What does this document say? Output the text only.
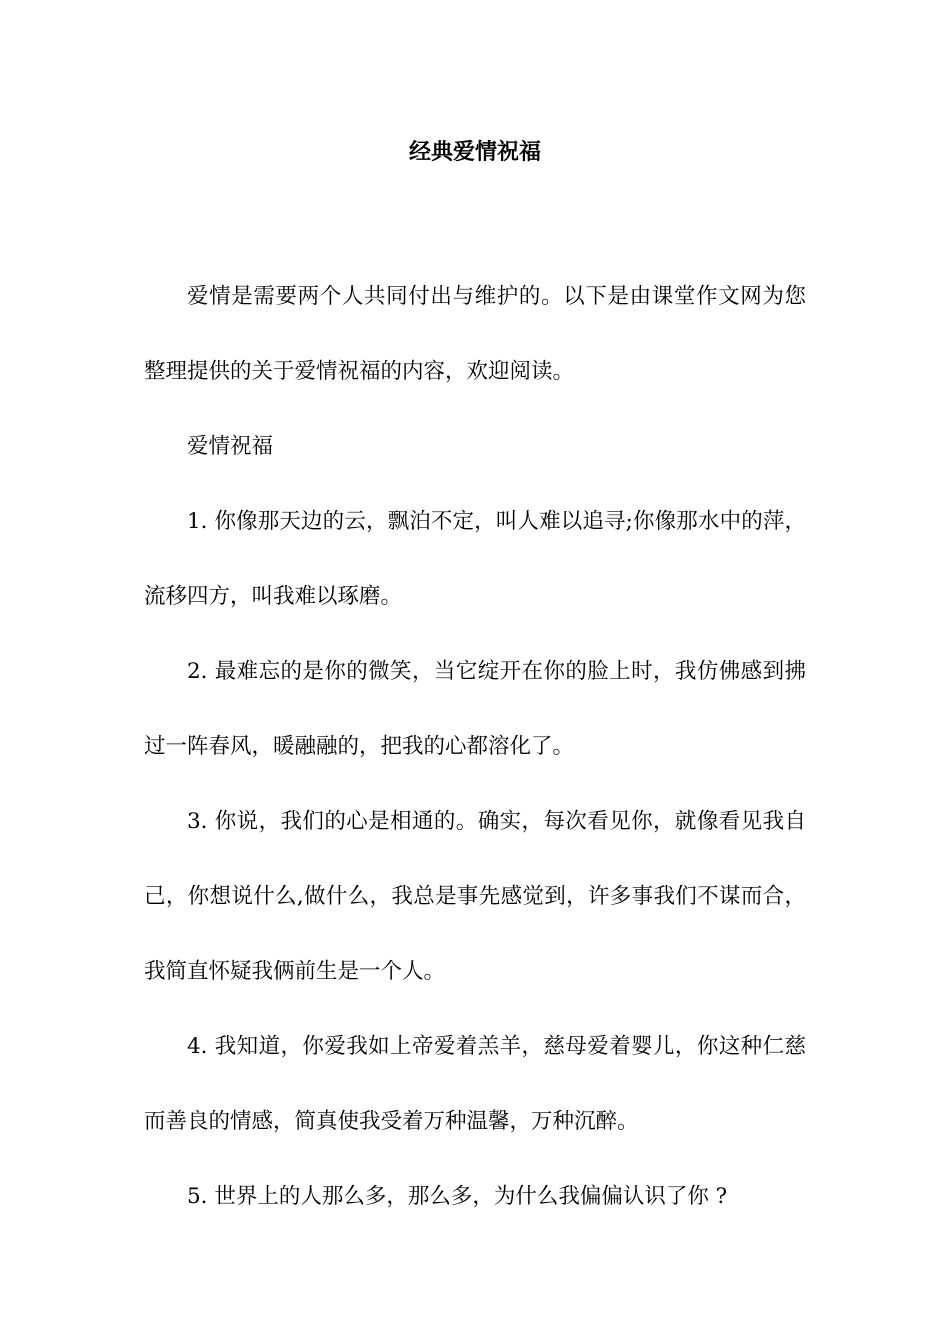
经典爱情祝福

爱情是需要两个人共同付出与维护的。以下是由课堂作文网为您整理提供的关于爱情祝福的内容，欢迎阅读。

爱情祝福

1. 你像那天边的云，飘泊不定，叫人难以追寻;你像那水中的萍，流移四方，叫我难以琢磨。

2. 最难忘的是你的微笑，当它绽开在你的脸上时，我仿佛感到拂过一阵春风，暖融融的，把我的心都溶化了。

3. 你说，我们的心是相通的。确实，每次看见你，就像看见我自己，你想说什么,做什么，我总是事先感觉到，许多事我们不谋而合，我简直怀疑我俩前生是一个人。

4. 我知道，你爱我如上帝爱着羔羊，慈母爱着婴儿，你这种仁慈而善良的情感，简真使我受着万种温馨，万种沉醉。

5. 世界上的人那么多，那么多，为什么我偏偏认识了你 ?
